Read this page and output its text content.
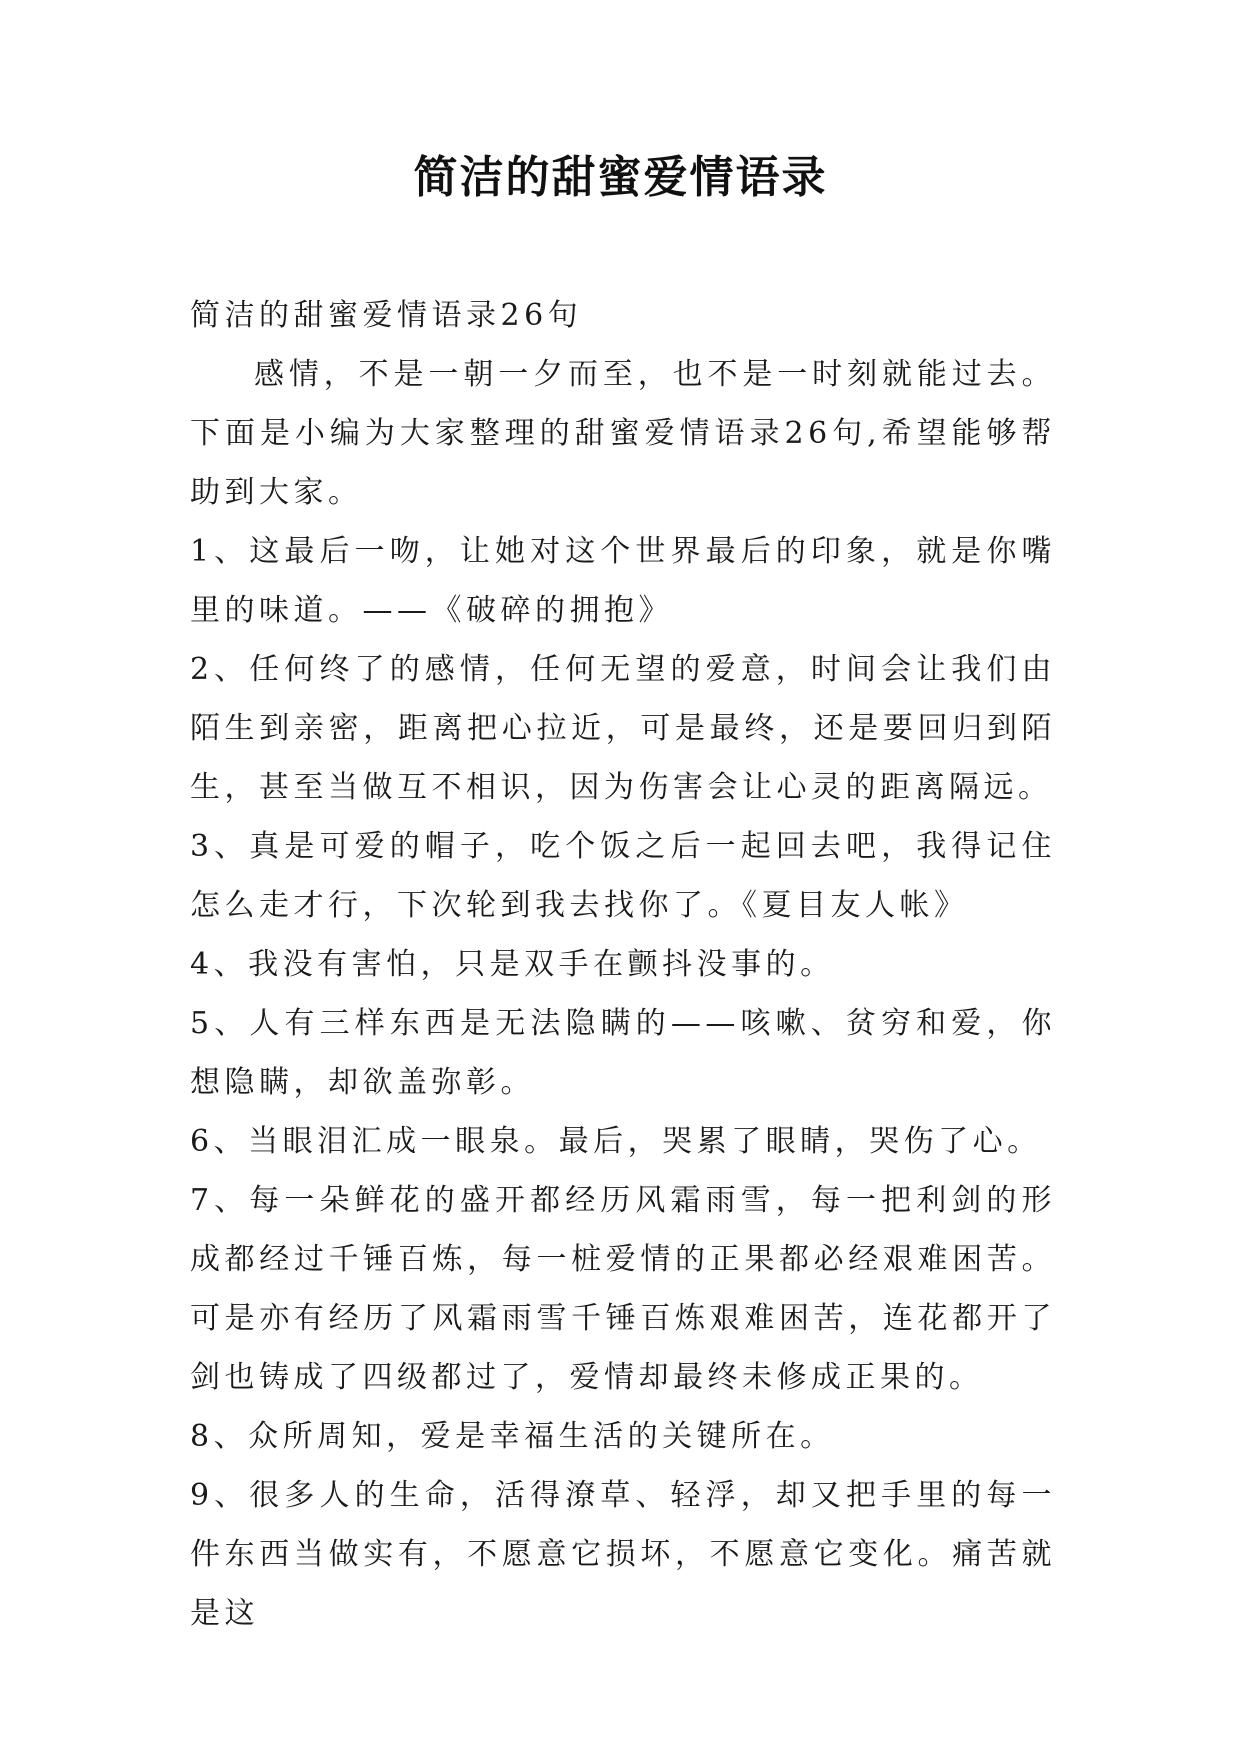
简洁的甜蜜爱情语录

简洁的甜蜜爱情语录26句

感情，不是一朝一夕而至，也不是一时刻就能过去。下面是小编为大家整理的甜蜜爱情语录26句,希望能够帮助到大家。

1、这最后一吻，让她对这个世界最后的印象，就是你嘴里的味道。——《破碎的拥抱》

2、任何终了的感情，任何无望的爱意，时间会让我们由陌生到亲密，距离把心拉近，可是最终，还是要回归到陌生，甚至当做互不相识，因为伤害会让心灵的距离隔远。

3、真是可爱的帽子，吃个饭之后一起回去吧，我得记住怎么走才行，下次轮到我去找你了。《夏目友人帐》

4、我没有害怕，只是双手在颤抖没事的。

5、人有三样东西是无法隐瞒的——咳嗽、贫穷和爱，你想隐瞒，却欲盖弥彰。

6、当眼泪汇成一眼泉。最后，哭累了眼睛，哭伤了心。

7、每一朵鲜花的盛开都经历风霜雨雪，每一把利剑的形成都经过千锤百炼，每一桩爱情的正果都必经艰难困苦。可是亦有经历了风霜雨雪千锤百炼艰难困苦，连花都开了剑也铸成了四级都过了，爱情却最终未修成正果的。

8、众所周知，爱是幸福生活的关键所在。

9、很多人的生命，活得潦草、轻浮，却又把手里的每一件东西当做实有，不愿意它损坏，不愿意它变化。痛苦就是这
